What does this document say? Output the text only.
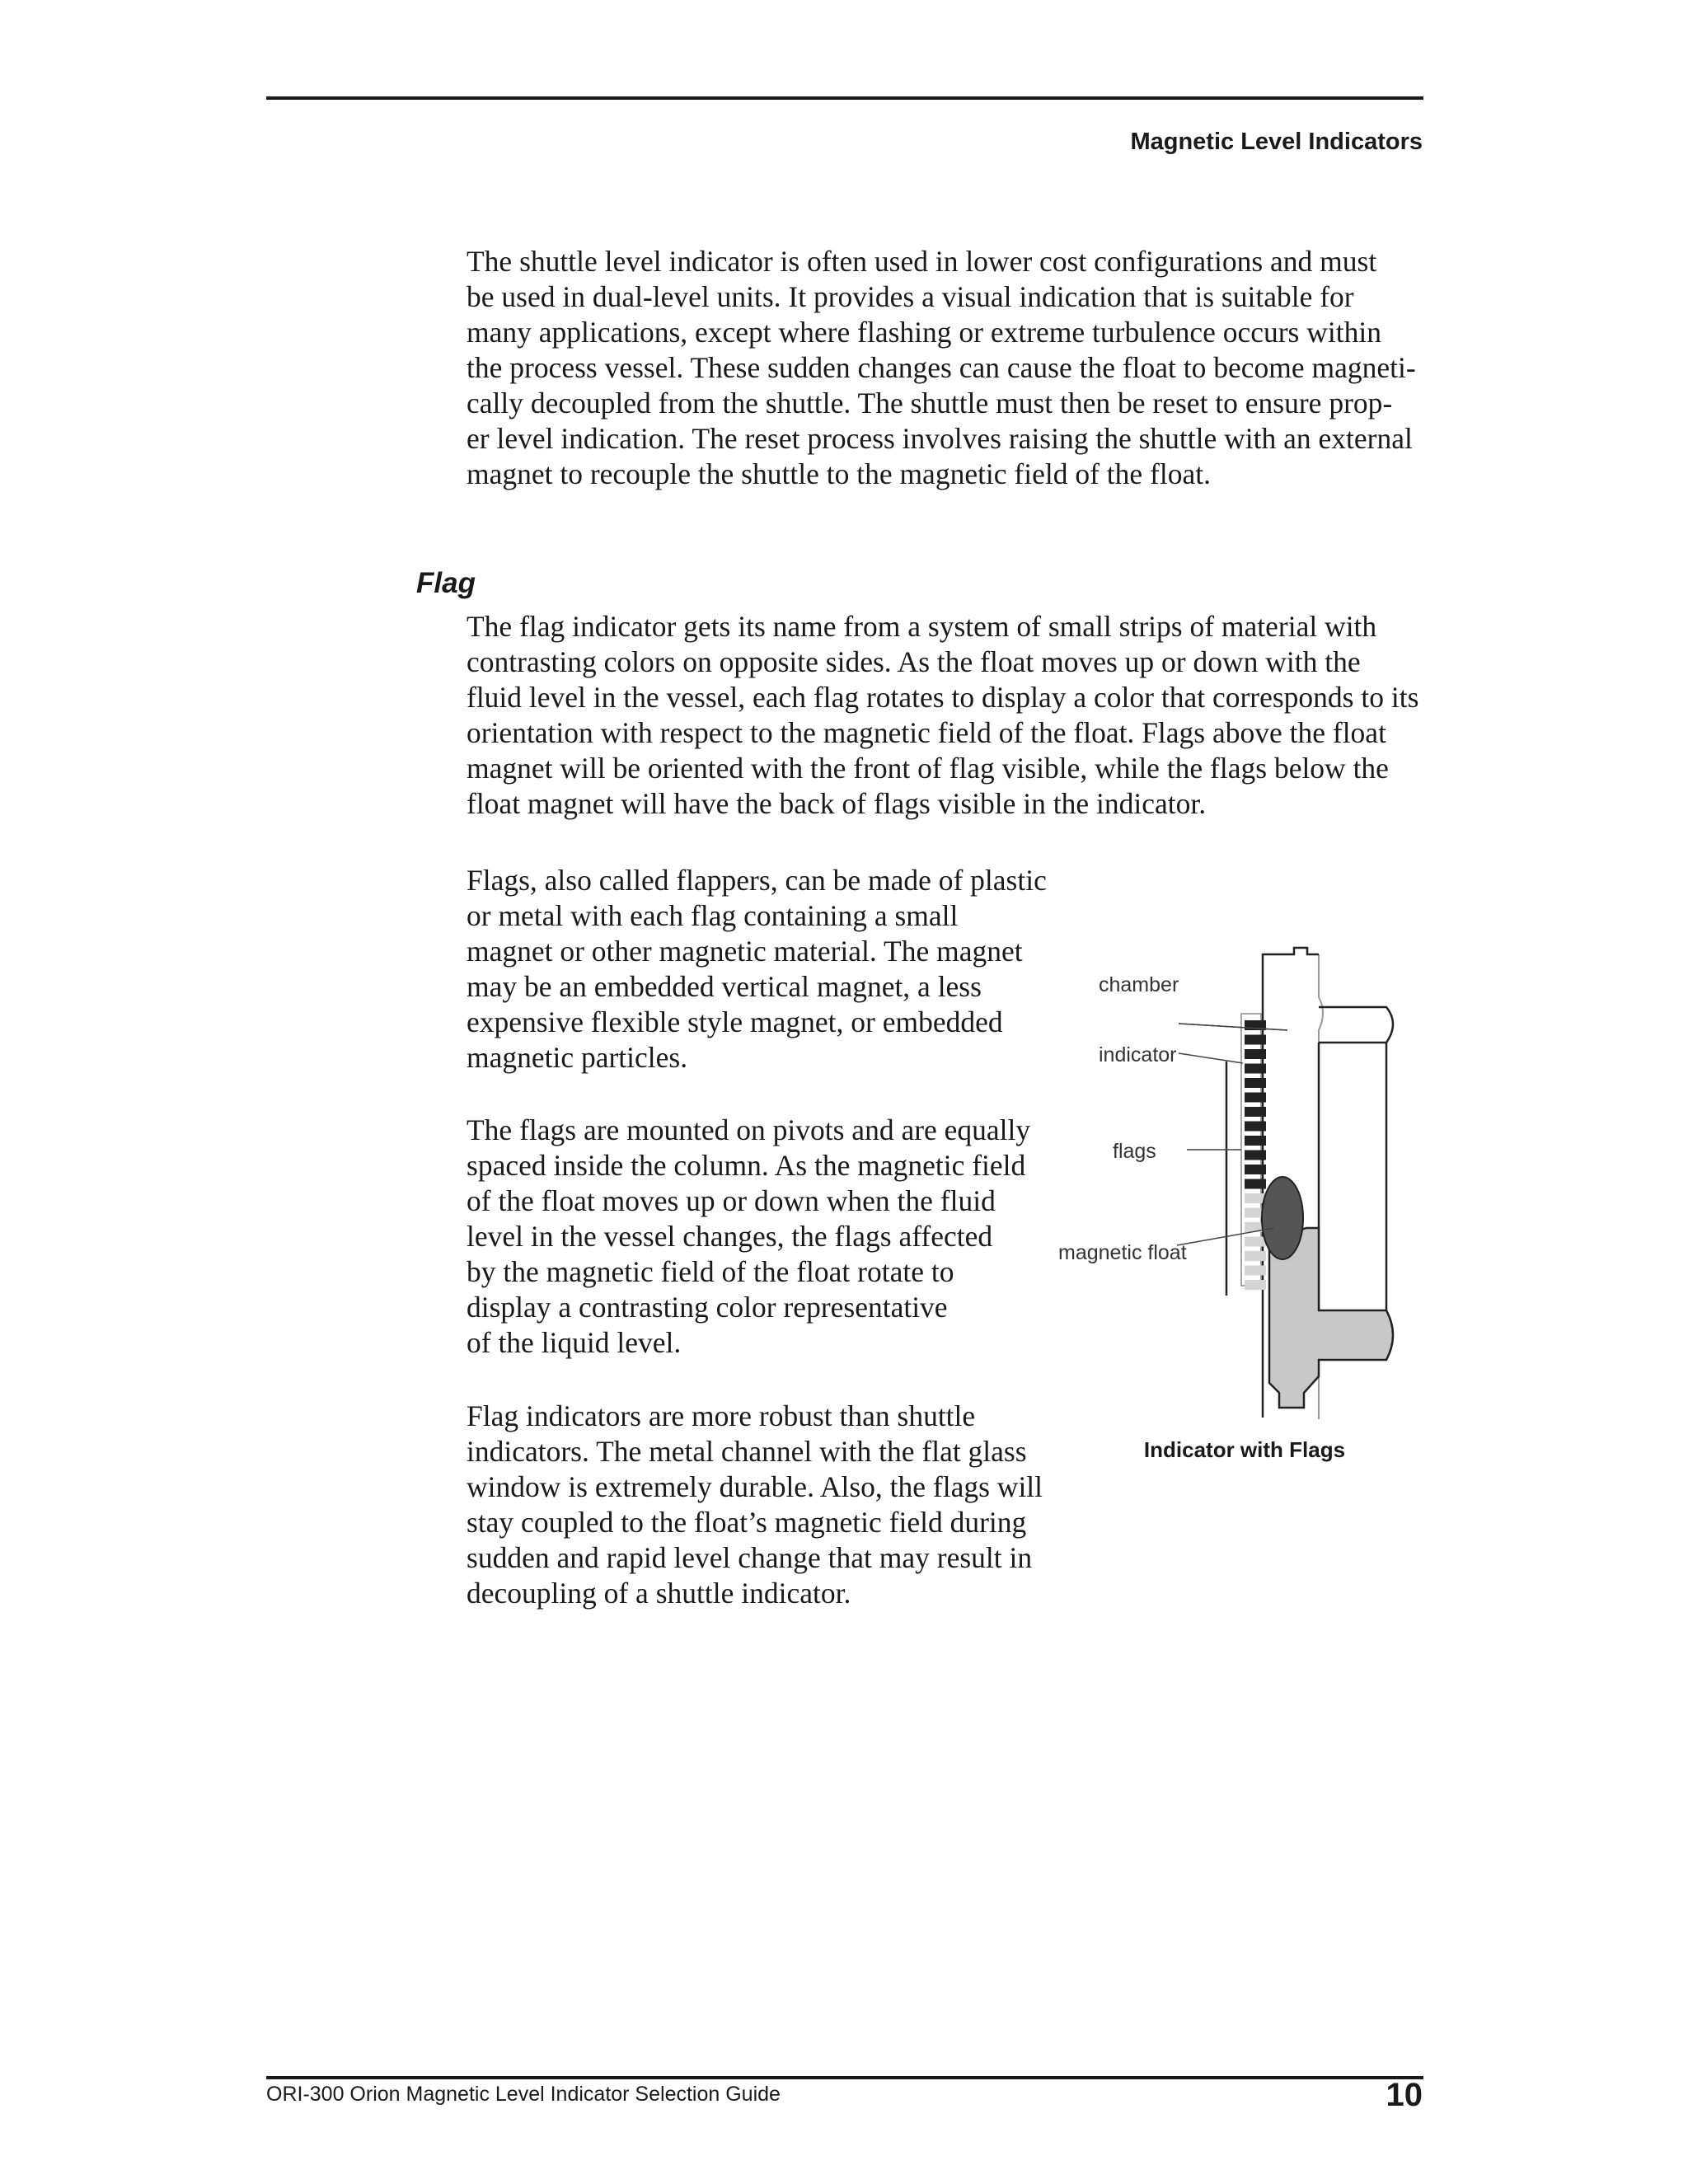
Magnetic Level Indicators

The shuttle level indicator is often used in lower cost configurations and must
be used in dual-level units. It provides a visual indication that is suitable for
many applications, except where flashing or extreme turbulence occurs within
the process vessel. These sudden changes can cause the float to become magneti-
cally decoupled from the shuttle. The shuttle must then be reset to ensure prop-
er level indication. The reset process involves raising the shuttle with an external
magnet to recouple the shuttle to the magnetic field of the float.

Flag

The flag indicator gets its name from a system of small strips of material with
contrasting colors on opposite sides. As the float moves up or down with the
fluid level in the vessel, each flag rotates to display a color that corresponds to its
orientation with respect to the magnetic field of the float. Flags above the float
magnet will be oriented with the front of flag visible, while the flags below the
float magnet will have the back of flags visible in the indicator.

Flags, also called flappers, can be made of plastic
or metal with each flag containing a small
magnet or other magnetic material. The magnet
may be an embedded vertical magnet, a less
expensive flexible style magnet, or embedded
magnetic particles.

The flags are mounted on pivots and are equally
spaced inside the column. As the magnetic field
of the float moves up or down when the fluid
level in the vessel changes, the flags affected
by the magnetic field of the float rotate to
display a contrasting color representative
of the liquid level.

Flag indicators are more robust than shuttle
indicators. The metal channel with the flat glass
window is extremely durable. Also, the flags will
stay coupled to the float’s magnetic field during
sudden and rapid level change that may result in
decoupling of a shuttle indicator.

chamber
indicator
flags
magnetic float
Indicator with Flags
ORI-300 Orion Magnetic Level Indicator Selection Guide	10
